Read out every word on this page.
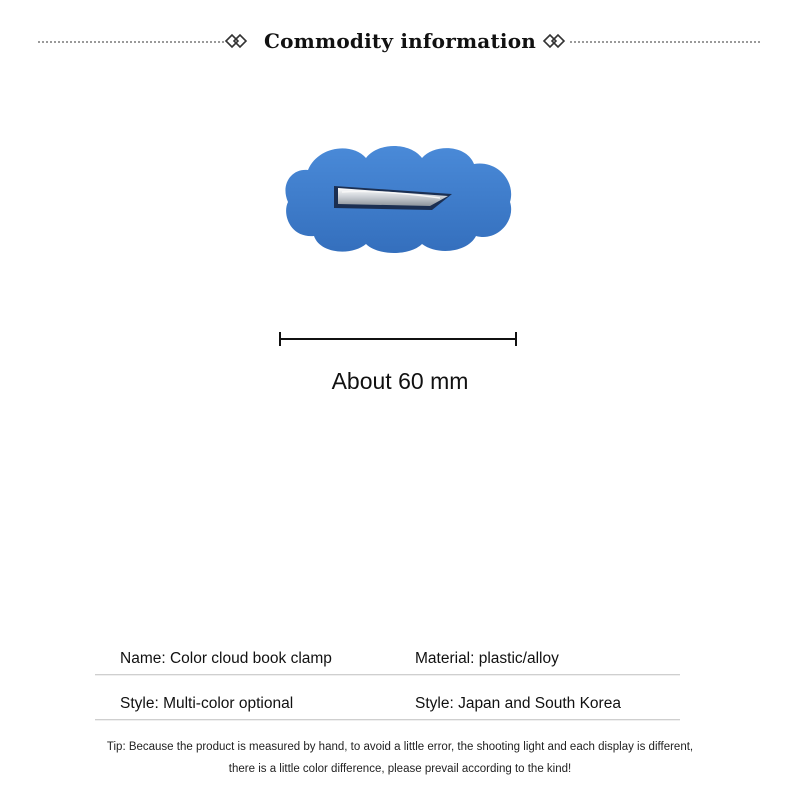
Commodity information
About 60 mm
Name: Color cloud book clamp	Material: plastic/alloy
Style: Multi-color optional	Style: Japan and South Korea
Tip: Because the product is measured by hand, to avoid a little error, the shooting light and each display is different,
there is a little color difference, please prevail according to the kind!
